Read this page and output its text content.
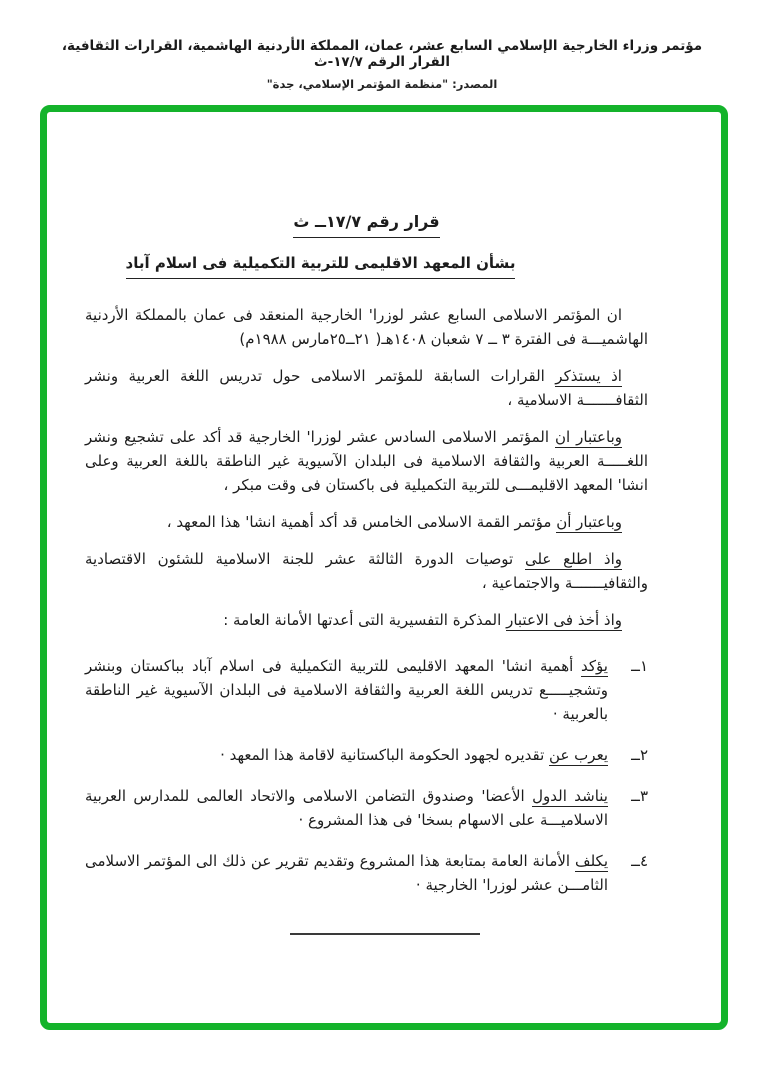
مؤتمر وزراء الخارجية الإسلامي السابع عشر، عمان، المملكة الأردنية الهاشمية، القرارات الثقافية، القرار الرقم ١٧/٧-ث
المصدر: "منظمة المؤتمر الإسلامي، جدة"
قرار رقم ١٧/٧ــ ث
بشأن المعهد الاقليمى للتربية التكميلية فى اسلام آباد

ان المؤتمر الاسلامى السابع عشر لوزرا' الخارجية المنعقد فى عمان بالمملكة الأردنية الهاشميـــة فى الفترة ٣ ــ ٧ شعبان ١٤٠٨هـ( ٢١ــ٢٥مارس ١٩٨٨م)

اذ يستذكرالقرارات السابقة للمؤتمر الاسلامى حول تدريس اللغة العربية ونشر الثقافـــــــة الاسلامية ،

وباعتبار انالمؤتمر الاسلامى السادس عشر لوزرا' الخارجية قد أكد على تشجيع ونشر اللغـــــة العربية والثقافة الاسلامية فى البلدان الآسيوية غير الناطقة باللغة العربية وعلى انشا' المعهد الاقليمـــى للتربية التكميلية فى باكستان فى وقت مبكر ،

وباعتبار أنمؤتمر القمة الاسلامى الخامس قد أكد أهمية انشا' هذا المعهد ،

واذ اطلع علىتوصيات الدورة الثالثة عشر للجنة الاسلامية للشئون الاقتصادية والثقافيـــــــة والاجتماعية ،

واذ أخذ فى الاعتبارالمذكرة التفسيرية التى أعدتها الأمانة العامة :

١ــ

يؤكدأهمية انشا' المعهد الاقليمى للتربية التكميلية فى اسلام آباد بباكستان وبنشر وتشجيـــــع تدريس اللغة العربية والثقافة الاسلامية فى البلدان الآسيوية غير الناطقة بالعربية ·

٢ــ

يعرب عنتقديره لجهود الحكومة الباكستانية لاقامة هذا المعهد ·

٣ــ

يناشد الدولالأعضا' وصندوق التضامن الاسلامى والاتحاد العالمى للمدارس العربية الاسلاميـــة على الاسهام بسخا' فى هذا المشروع ·

٤ــ

يكلفالأمانة العامة بمتابعة هذا المشروع وتقديم تقرير عن ذلك الى المؤتمر الاسلامى الثامـــن عشر لوزرا' الخارجية ·
